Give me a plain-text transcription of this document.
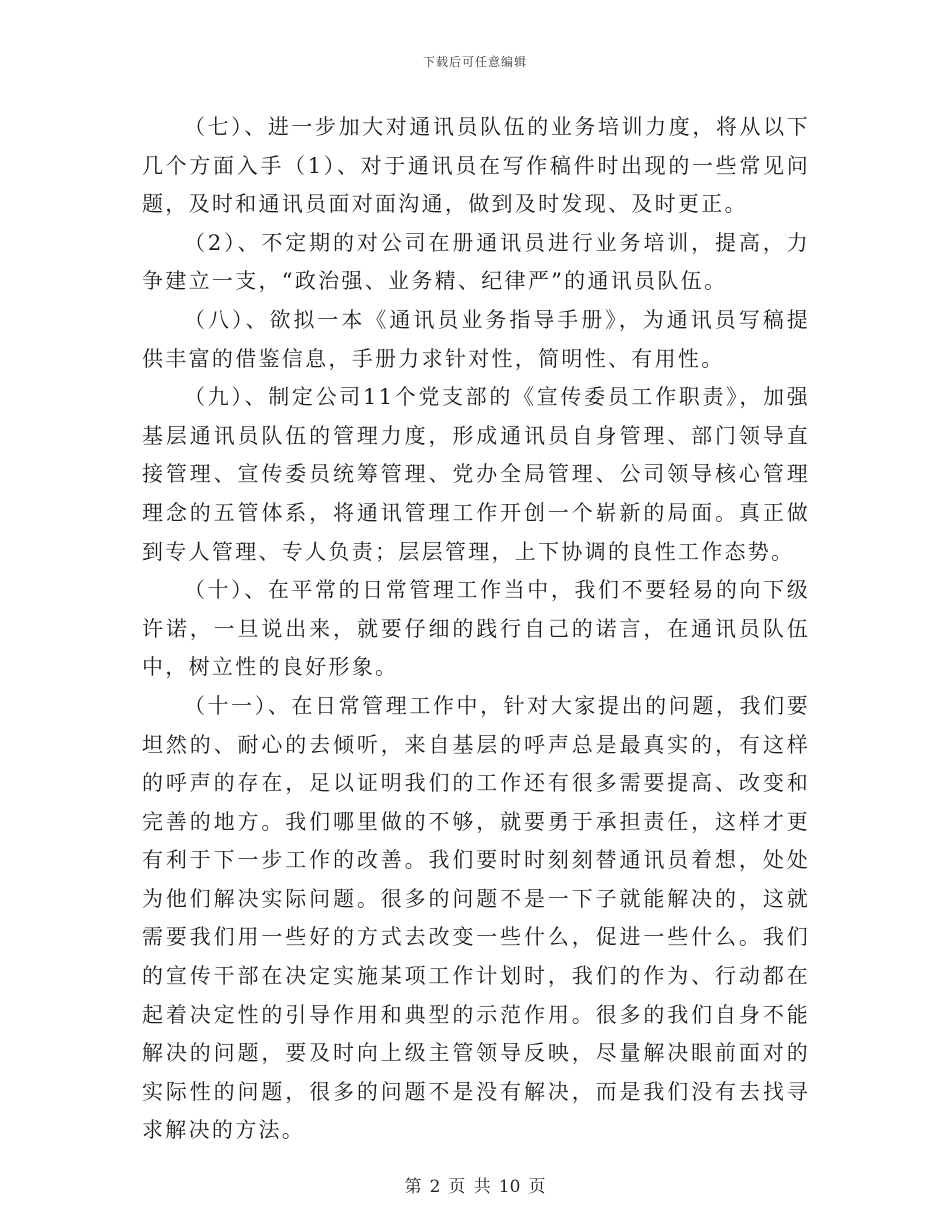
下载后可任意编辑

（七）、进一步加大对通讯员队伍的业务培训力度，将从以下几个方面入手（1）、对于通讯员在写作稿件时出现的一些常见问题，及时和通讯员面对面沟通，做到及时发现、及时更正。

（2）、不定期的对公司在册通讯员进行业务培训，提高，力争建立一支，“政治强、业务精、纪律严”的通讯员队伍。

（八）、欲拟一本《通讯员业务指导手册》，为通讯员写稿提供丰富的借鉴信息，手册力求针对性，简明性、有用性。

（九）、制定公司11个党支部的《宣传委员工作职责》，加强基层通讯员队伍的管理力度，形成通讯员自身管理、部门领导直接管理、宣传委员统筹管理、党办全局管理、公司领导核心管理理念的五管体系，将通讯管理工作开创一个崭新的局面。真正做到专人管理、专人负责；层层管理，上下协调的良性工作态势。

（十）、在平常的日常管理工作当中，我们不要轻易的向下级许诺，一旦说出来，就要仔细的践行自己的诺言，在通讯员队伍中，树立性的良好形象。

（十一）、在日常管理工作中，针对大家提出的问题，我们要坦然的、耐心的去倾听，来自基层的呼声总是最真实的，有这样的呼声的存在，足以证明我们的工作还有很多需要提高、改变和完善的地方。我们哪里做的不够，就要勇于承担责任，这样才更有利于下一步工作的改善。我们要时时刻刻替通讯员着想，处处为他们解决实际问题。很多的问题不是一下子就能解决的，这就需要我们用一些好的方式去改变一些什么，促进一些什么。我们的宣传干部在决定实施某项工作计划时，我们的作为、行动都在起着决定性的引导作用和典型的示范作用。很多的我们自身不能解决的问题，要及时向上级主管领导反映，尽量解决眼前面对的实际性的问题，很多的问题不是没有解决，而是我们没有去找寻求解决的方法。

第 2 页 共 10 页
